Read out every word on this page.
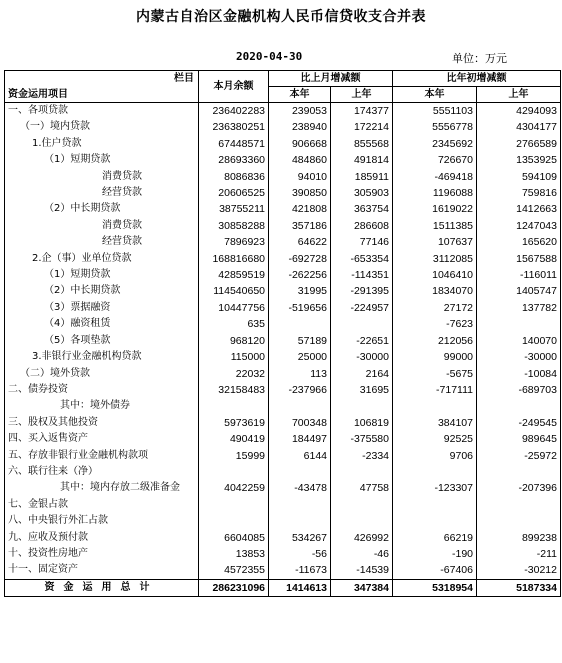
内蒙古自治区金融机构人民币信贷收支合并表
2020-04-30	单位：万元
栏目
资金运用项目	本月余额	比上月增减额		比年初增减额	
		本年	上年	本年	上年
一、各项贷款	236402283	239053	174377	5551103	4294093
（一）境内贷款	236380251	238940	172214	5556778	4304177
1.住户贷款	67448571	906668	855568	2345692	2766589
（1）短期贷款	28693360	484860	491814	726670	1353925
消费贷款	8086836	94010	185911	-469418	594109
经营贷款	20606525	390850	305903	1196088	759816
（2）中长期贷款	38755211	421808	363754	1619022	1412663
消费贷款	30858288	357186	286608	1511385	1247043
经营贷款	7896923	64622	77146	107637	165620
2.企（事）业单位贷款	168816680	-692728	-653354	3112085	1567588
（1）短期贷款	42859519	-262256	-114351	1046410	-116011
（2）中长期贷款	114540650	31995	-291395	1834070	1405747
（3）票据融资	10447756	-519656	-224957	27172	137782
（4）融资租赁	635			-7623	
（5）各项垫款	968120	57189	-22651	212056	140070
3.非银行业金融机构贷款	115000	25000	-30000	99000	-30000
（二）境外贷款	22032	113	2164	-5675	-10084
二、债券投资	32158483	-237966	31695	-717111	-689703
其中：境外债券					
三、股权及其他投资	5973619	700348	106819	384107	-249545
四、买入返售资产	490419	184497	-375580	92525	989645
五、存放非银行业金融机构款项	15999	6144	-2334	9706	-25972
六、联行往来（净）					
其中：境内存放二级准备金	4042259	-43478	47758	-123307	-207396
七、金银占款					
八、中央银行外汇占款					
九、应收及预付款	6604085	534267	426992	66219	899238
十、投资性房地产	13853	-56	-46	-190	-211
十一、固定资产	4572355	-11673	-14539	-67406	-30212
资金运用总计	286231096	1414613	347384	5318954	5187334
